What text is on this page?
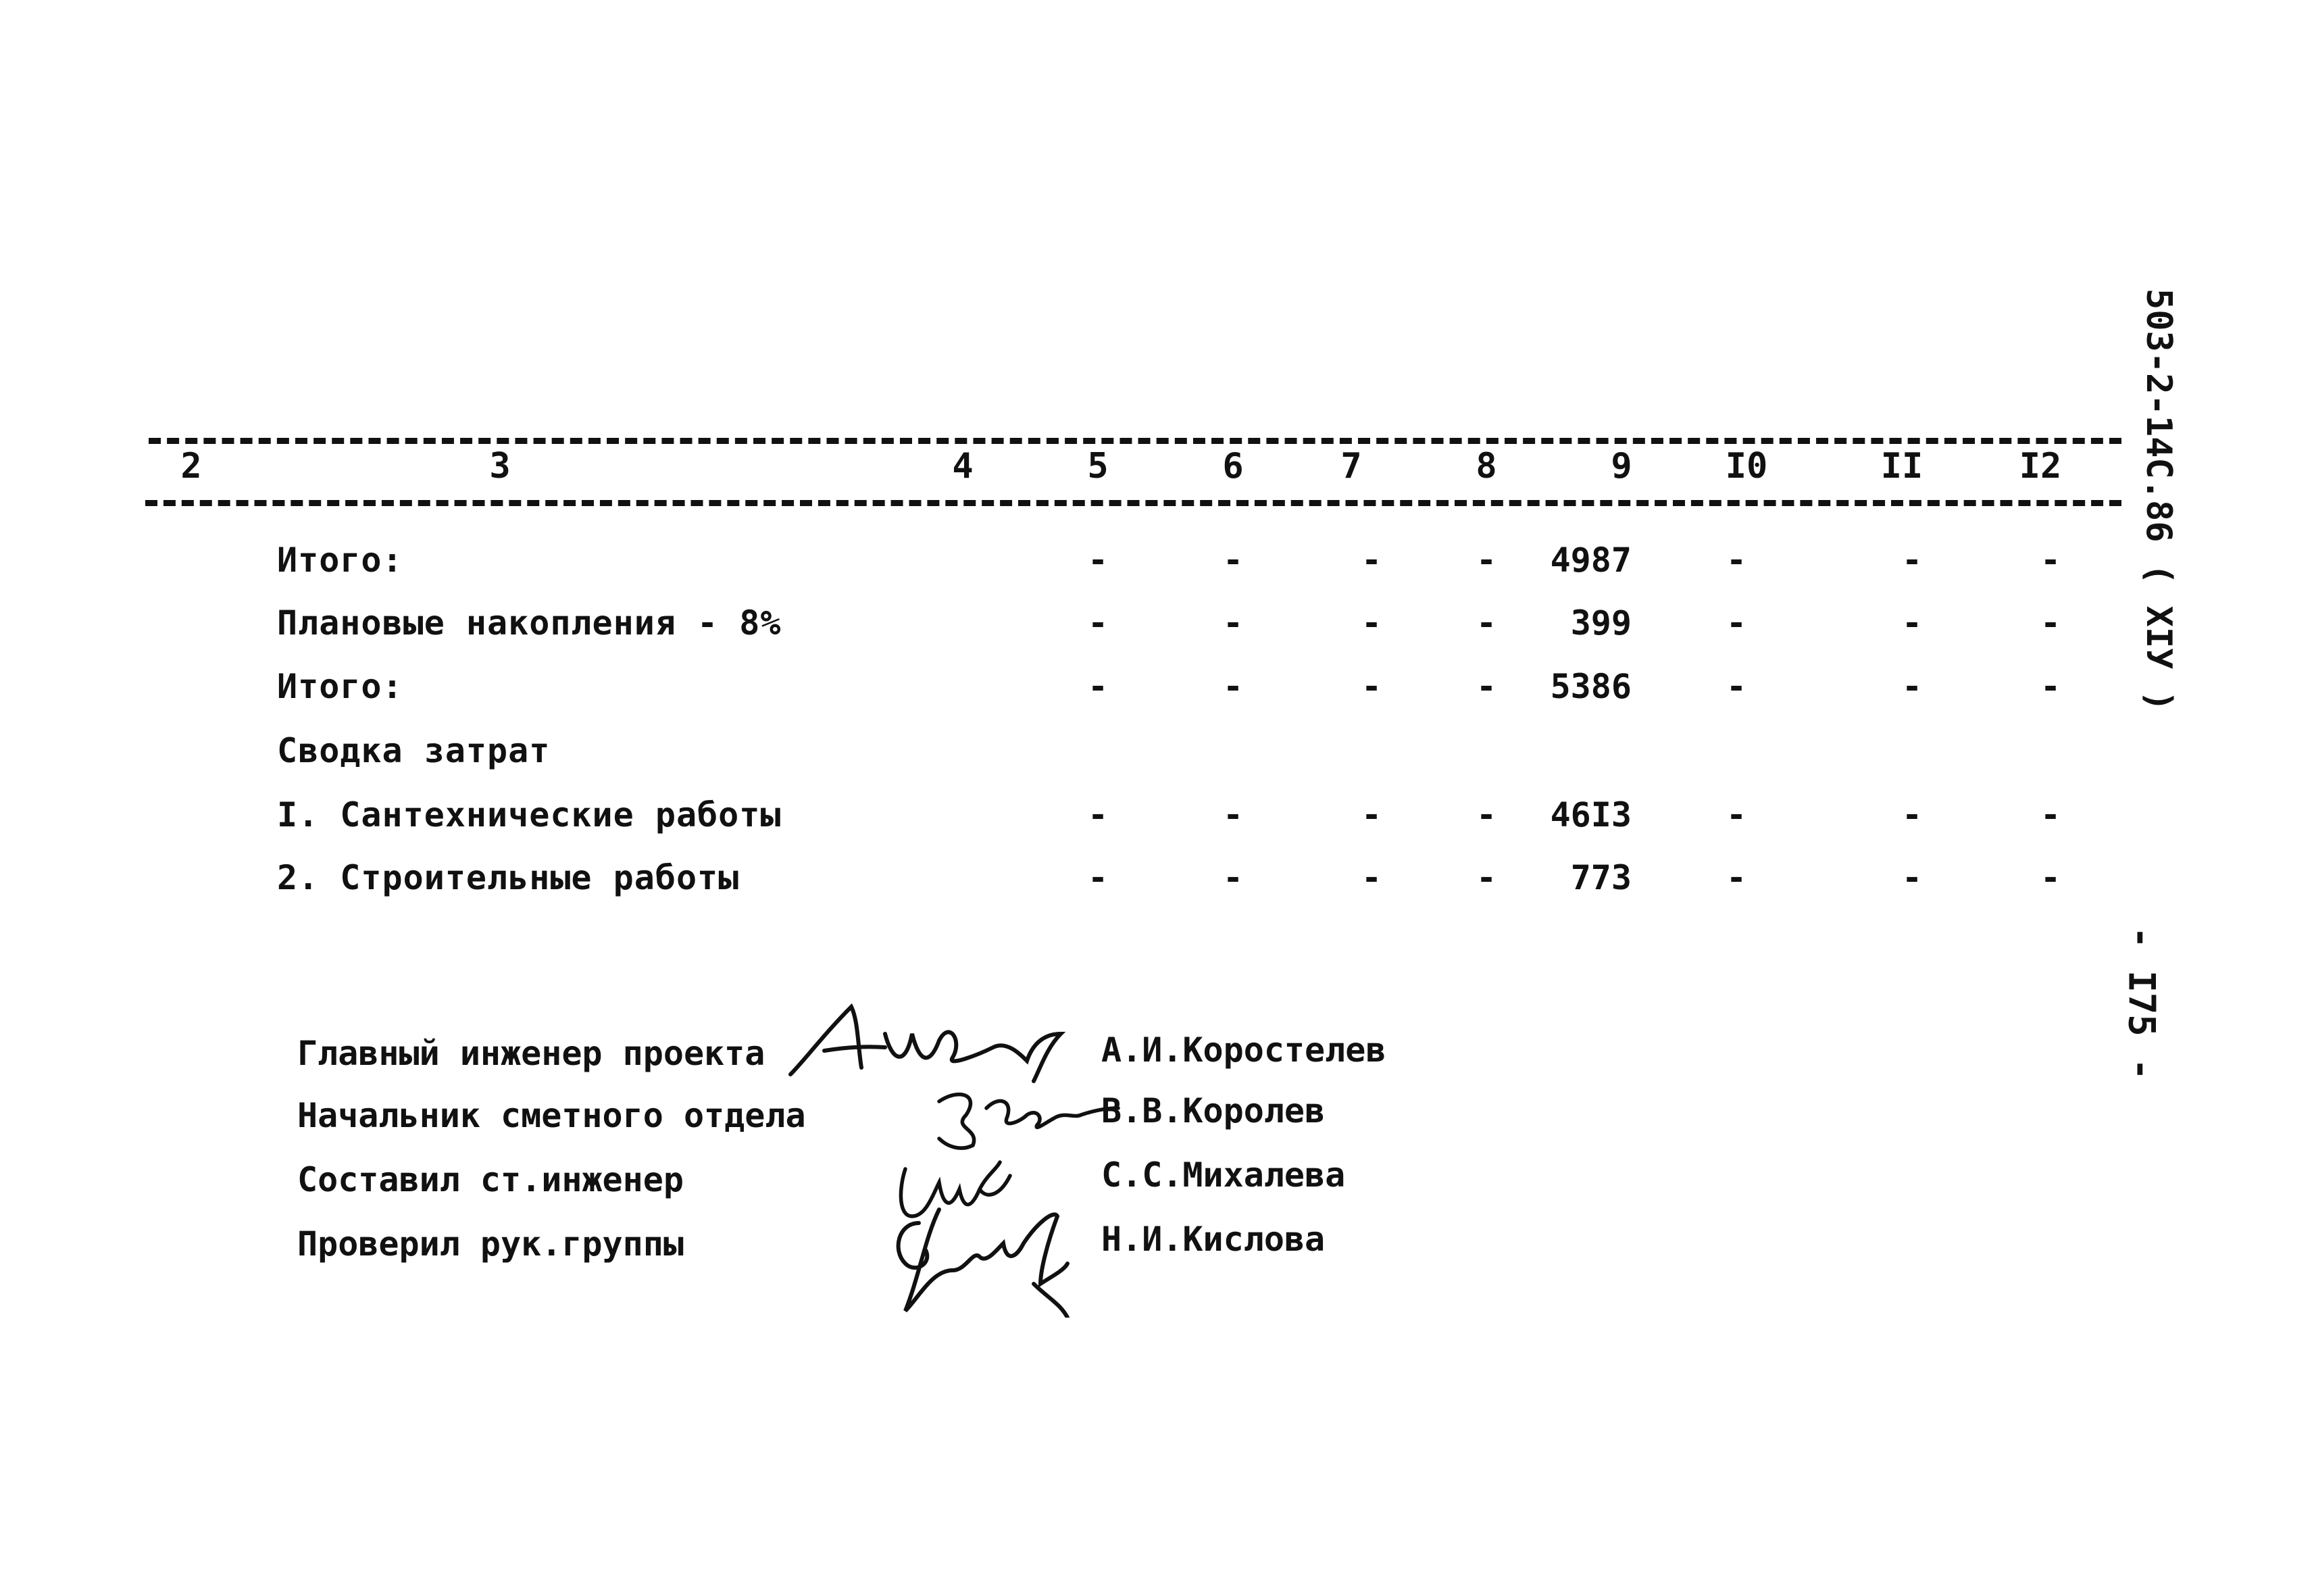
2	3	4	5	6	7	8	9	I0	II	I2
Итого:	-	-	-	-	4987	-	-	-
Плановые накопления - 8%	-	-	-	-	399	-	-	-
Итого:	-	-	-	-	5386	-	-	-
Сводка затрат
I. Сантехнические работы	-	-	-	-	46I3	-	-	-
2. Строительные работы	-	-	-	-	773	-	-	-
Главный инженер проекта	А.И.Коростелев
Начальник сметного отдела	В.В.Королев
Составил ст.инженер	С.С.Михалева
Проверил рук.группы	Н.И.Кислова
503-2-14С.86 ( XIУ )
- I75 -
